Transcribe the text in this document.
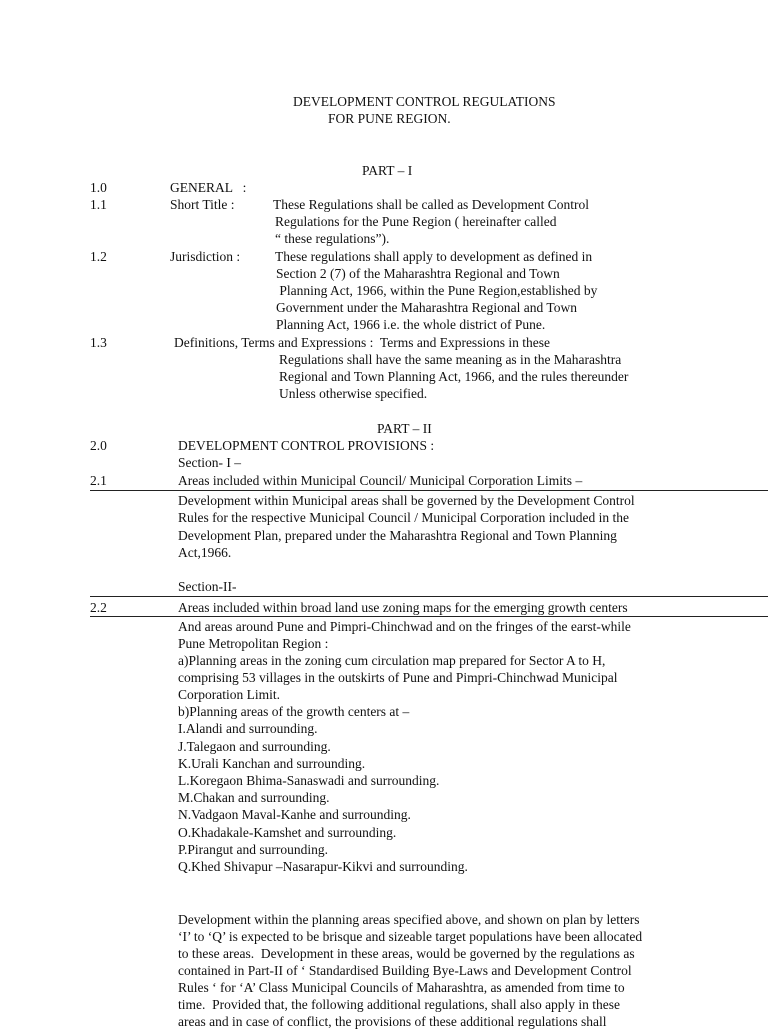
DEVELOPMENT CONTROL REGULATIONS
FOR PUNE REGION.
PART – I
1.0	GENERAL   :
1.1	Short Title :	These Regulations shall be called as Development Control
Regulations for the Pune Region ( hereinafter called
“ these regulations”).
1.2	Jurisdiction :	These regulations shall apply to development as defined in
Section 2 (7) of the Maharashtra Regional and Town
Planning Act, 1966, within the Pune Region,established by
Government under the Maharashtra Regional and Town
Planning Act, 1966 i.e. the whole district of Pune.
1.3	Definitions, Terms and Expressions :  Terms and Expressions in these
Regulations shall have the same meaning as in the Maharashtra
Regional and Town Planning Act, 1966, and the rules thereunder
Unless otherwise specified.
PART – II
2.0	DEVELOPMENT CONTROL PROVISIONS :
Section- I –
2.1	Areas included within Municipal Council/ Municipal Corporation Limits –
Development within Municipal areas shall be governed by the Development Control
Rules for the respective Municipal Council / Municipal Corporation included in the
Development Plan, prepared under the Maharashtra Regional and Town Planning
Act,1966.
Section-II-
2.2	Areas included within broad land use zoning maps for the emerging growth centers
And areas around Pune and Pimpri-Chinchwad and on the fringes of the earst-while
Pune Metropolitan Region :
a)Planning areas in the zoning cum circulation map prepared for Sector A to H,
comprising 53 villages in the outskirts of Pune and Pimpri-Chinchwad Municipal
Corporation Limit.
b)Planning areas of the growth centers at –
I.Alandi and surrounding.
J.Talegaon and surrounding.
K.Urali Kanchan and surrounding.
L.Koregaon Bhima-Sanaswadi and surrounding.
M.Chakan and surrounding.
N.Vadgaon Maval-Kanhe and surrounding.
O.Khadakale-Kamshet and surrounding.
P.Pirangut and surrounding.
Q.Khed Shivapur –Nasarapur-Kikvi and surrounding.
Development within the planning areas specified above, and shown on plan by letters
‘I’ to ‘Q’ is expected to be brisque and sizeable target populations have been allocated
to these areas.  Development in these areas, would be governed by the regulations as
contained in Part-II of ‘ Standardised Building Bye-Laws and Development Control
Rules ‘ for ‘A’ Class Municipal Councils of Maharashtra, as amended from time to
time.  Provided that, the following additional regulations, shall also apply in these
areas and in case of conflict, the provisions of these additional regulations shall
